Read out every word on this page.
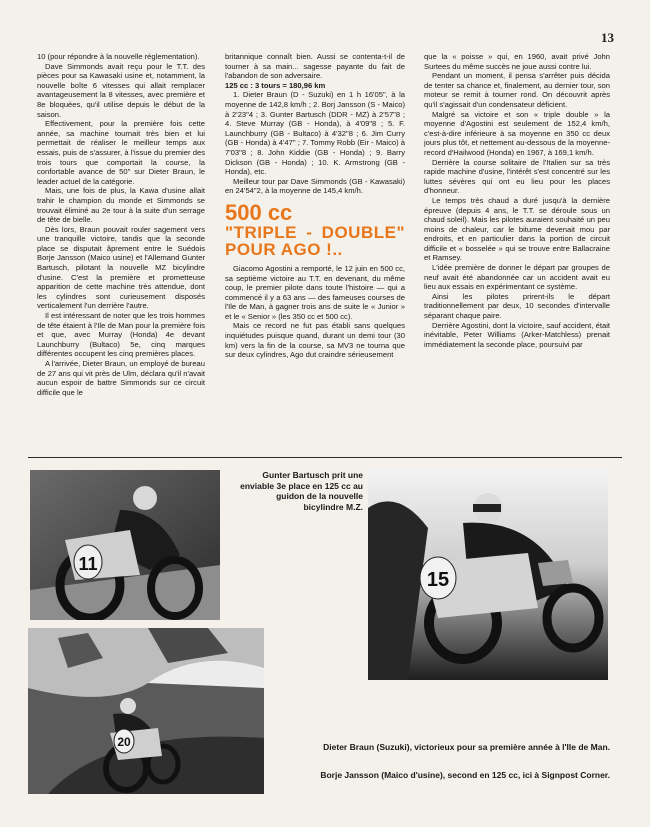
13

10 (pour répondre à la nouvelle réglementation).

Dave Simmonds avait reçu pour le T.T. des pièces pour sa Kawasaki usine et, notamment, la nouvelle boîte 6 vitesses qui allait remplacer avantageusement la 8 vitesses, avec première et 8e bloquées, qu'il utilise depuis le début de la saison.

Effectivement, pour la première fois cette année, sa machine tournait très bien et lui permettait de réaliser le meilleur temps aux essais, puis de s'assurer, à l'issue du premier des trois tours que comportait la course, la confortable avance de 50" sur Dieter Braun, le leader actuel de la catégorie.

Mais, une fois de plus, la Kawa d'usine allait trahir le champion du monde et Simmonds se trouvait éliminé au 2e tour à la suite d'un serrage de tête de bielle.

Dès lors, Braun pouvait rouler sagement vers une tranquille victoire, tandis que la seconde place se disputait âprement entre le Suédois Borje Jansson (Maico usine) et l'Allemand Gunter Bartusch, pilotant la nouvelle MZ bicylindre d'usine. C'est la première et prometteuse apparition de cette machine très attendue, dont les cylindres sont curieusement disposés verticalement l'un derrière l'autre.

Il est intéressant de noter que les trois hommes de tête étaient à l'Ile de Man pour la première fois et que, avec Murray (Honda) 4e devant Launchburry (Bultaco) 5e, cinq marques différentes occupent les cinq premières places.

A l'arrivée, Dieter Braun, un employé de bureau de 27 ans qui vit près de Ulm, déclara qu'il n'avait aucun espoir de battre Simmonds sur ce circuit difficile que le

britannique connaît bien. Aussi se contenta-t-il de tourner à sa main... sagesse payante du fait de l'abandon de son adversaire.

125 cc : 3 tours = 180,96 km

1. Dieter Braun (D - Suzuki) en 1 h 16'05", à la moyenne de 142,8 km/h ; 2. Borj Jansson (S - Maico) à 2'23"4 ; 3. Gunter Bartusch (DDR - MZ) à 2'57"8 ; 4. Steve Murray (GB - Honda), à 4'09"8 ; 5. F. Launchburry (GB - Bultaco) à 4'32"8 ; 6. Jim Curry (GB - Honda) à 4'47" ; 7. Tommy Robb (Eir - Maico) à 7'03"8 ; 8. John Kiddie (GB - Honda) ; 9. Barry Dickson (GB - Honda) ; 10. K. Armstrong (GB - Honda), etc.

Meilleur tour par Dave Simmonds (GB - Kawasaki) en 24'54"2, à la moyenne de 145,4 km/h.

500 cc
"TRIPLE - DOUBLE" POUR AGO !..

Giacomo Agostini a remporté, le 12 juin en 500 cc, sa septième victoire au T.T. en devenant, du même coup, le premier pilote dans toute l'histoire — qui a commencé il y a 63 ans — des fameuses courses de l'Ile de Man, à gagner trois ans de suite le « Junior » et le « Senior » (les 350 cc et 500 cc).

Mais ce record ne fut pas établi sans quelques inquiétudes puisque quand, durant un demi tour (30 km) vers la fin de la course, sa MV3 ne tourna que sur deux cylindres, Ago dut craindre sérieusement

que la « poisse » qui, en 1960, avait privé John Surtees du même succès ne joue aussi contre lui.

Pendant un moment, il pensa s'arrêter puis décida de tenter sa chance et, finalement, au dernier tour, son moteur se remit à tourner rond. On découvrit après qu'il s'agissait d'un condensateur déficient.

Malgré sa victoire et son « triple double » la moyenne d'Agostini est seulement de 152,4 km/h, c'est-à-dire inférieure à sa moyenne en 350 cc deux jours plus tôt, et nettement au-dessous de la moyenne-record d'Hailwood (Honda) en 1967, à 169,1 km/h.

Derrière la course solitaire de l'Italien sur sa très rapide machine d'usine, l'intérêt s'est concentré sur les luttes sévères qui ont eu lieu pour les places d'honneur.

Le temps très chaud a duré jusqu'à la dernière épreuve (depuis 4 ans, le T.T. se déroule sous un chaud soleil). Mais les pilotes auraient souhaité un peu moins de chaleur, car le bitume devenait mou par endroits, et en particulier dans la portion de circuit difficile et « bosselée » qui se trouve entre Ballacraine et Ramsey.

L'idée première de donner le départ par groupes de neuf avait été abandonnée car un accident avait eu lieu aux essais en expérimentant ce système.

Ainsi les pilotes prirent-ils le départ traditionnellement par deux, 10 secondes d'intervalle séparant chaque paire.

Derrière Agostini, dont la victoire, sauf accident, était inévitable, Peter Williams (Arker-Matchless) prenait immédiatement la seconde place, poursuivi par

11
Gunter Bartusch prit une enviable 3e place en 125 cc au guidon de la nouvelle bicylindre M.Z.
15
20	Dieter Braun (Suzuki), victorieux pour sa première année à l'Ile de Man.
Borje Jansson (Maico d'usine), second en 125 cc, ici à Signpost Corner.
